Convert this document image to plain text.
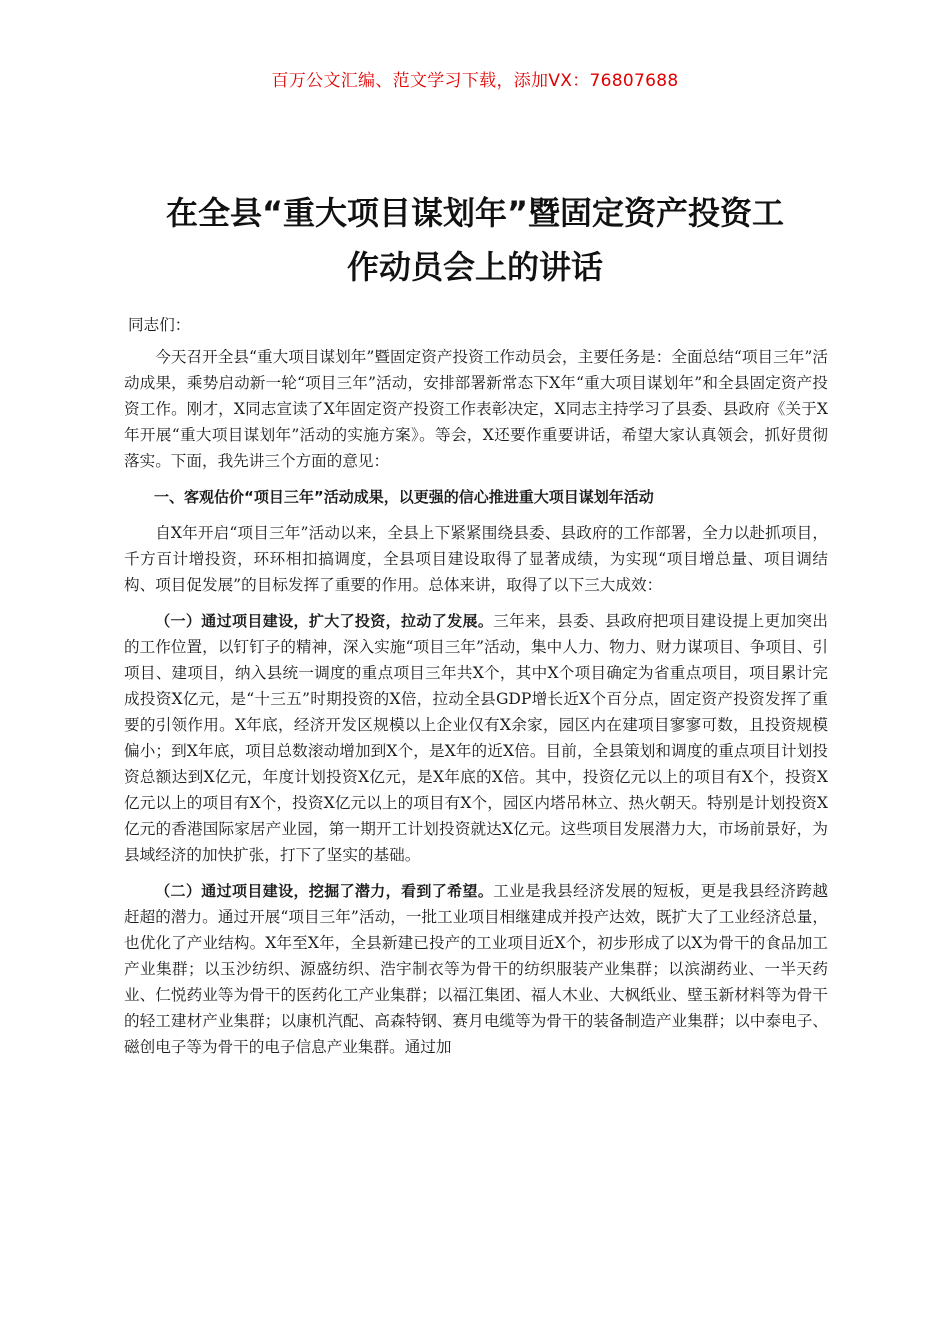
百万公文汇编、范文学习下载，添加VX：76807688
在全县“重大项目谋划年”暨固定资产投资工
作动员会上的讲话
同志们：

今天召开全县“重大项目谋划年”暨固定资产投资工作动员会，主要任务是：全面总结“项目三年”活动成果，乘势启动新一轮“项目三年”活动，安排部署新常态下X年“重大项目谋划年”和全县固定资产投资工作。刚才，X同志宣读了X年固定资产投资工作表彰决定，X同志主持学习了县委、县政府《关于X年开展“重大项目谋划年”活动的实施方案》。等会，X还要作重要讲话，希望大家认真领会，抓好贯彻落实。下面，我先讲三个方面的意见：

一、客观估价“项目三年”活动成果，以更强的信心推进重大项目谋划年活动

自X年开启“项目三年”活动以来，全县上下紧紧围绕县委、县政府的工作部署，全力以赴抓项目，千方百计增投资，环环相扣搞调度，全县项目建设取得了显著成绩，为实现“项目增总量、项目调结构、项目促发展”的目标发挥了重要的作用。总体来讲，取得了以下三大成效：

（一）通过项目建设，扩大了投资，拉动了发展。三年来，县委、县政府把项目建设提上更加突出的工作位置，以钉钉子的精神，深入实施“项目三年”活动，集中人力、物力、财力谋项目、争项目、引项目、建项目，纳入县统一调度的重点项目三年共X个，其中X个项目确定为省重点项目，项目累计完成投资X亿元，是“十三五”时期投资的X倍，拉动全县GDP增长近X个百分点，固定资产投资发挥了重要的引领作用。X年底，经济开发区规模以上企业仅有X余家，园区内在建项目寥寥可数，且投资规模偏小；到X年底，项目总数滚动增加到X个，是X年的近X倍。目前，全县策划和调度的重点项目计划投资总额达到X亿元，年度计划投资X亿元，是X年底的X倍。其中，投资亿元以上的项目有X个，投资X亿元以上的项目有X个，投资X亿元以上的项目有X个，园区内塔吊林立、热火朝天。特别是计划投资X亿元的香港国际家居产业园，第一期开工计划投资就达X亿元。这些项目发展潜力大，市场前景好，为县域经济的加快扩张，打下了坚实的基础。

（二）通过项目建设，挖掘了潜力，看到了希望。工业是我县经济发展的短板，更是我县经济跨越赶超的潜力。通过开展“项目三年”活动，一批工业项目相继建成并投产达效，既扩大了工业经济总量，也优化了产业结构。X年至X年，全县新建已投产的工业项目近X个，初步形成了以X为骨干的食品加工产业集群；以玉沙纺织、源盛纺织、浩宇制衣等为骨干的纺织服装产业集群；以滨湖药业、一半天药业、仁悦药业等为骨干的医药化工产业集群；以福江集团、福人木业、大枫纸业、壁玉新材料等为骨干的轻工建材产业集群；以康机汽配、高森特钢、赛月电缆等为骨干的装备制造产业集群；以中泰电子、磁创电子等为骨干的电子信息产业集群。通过加
